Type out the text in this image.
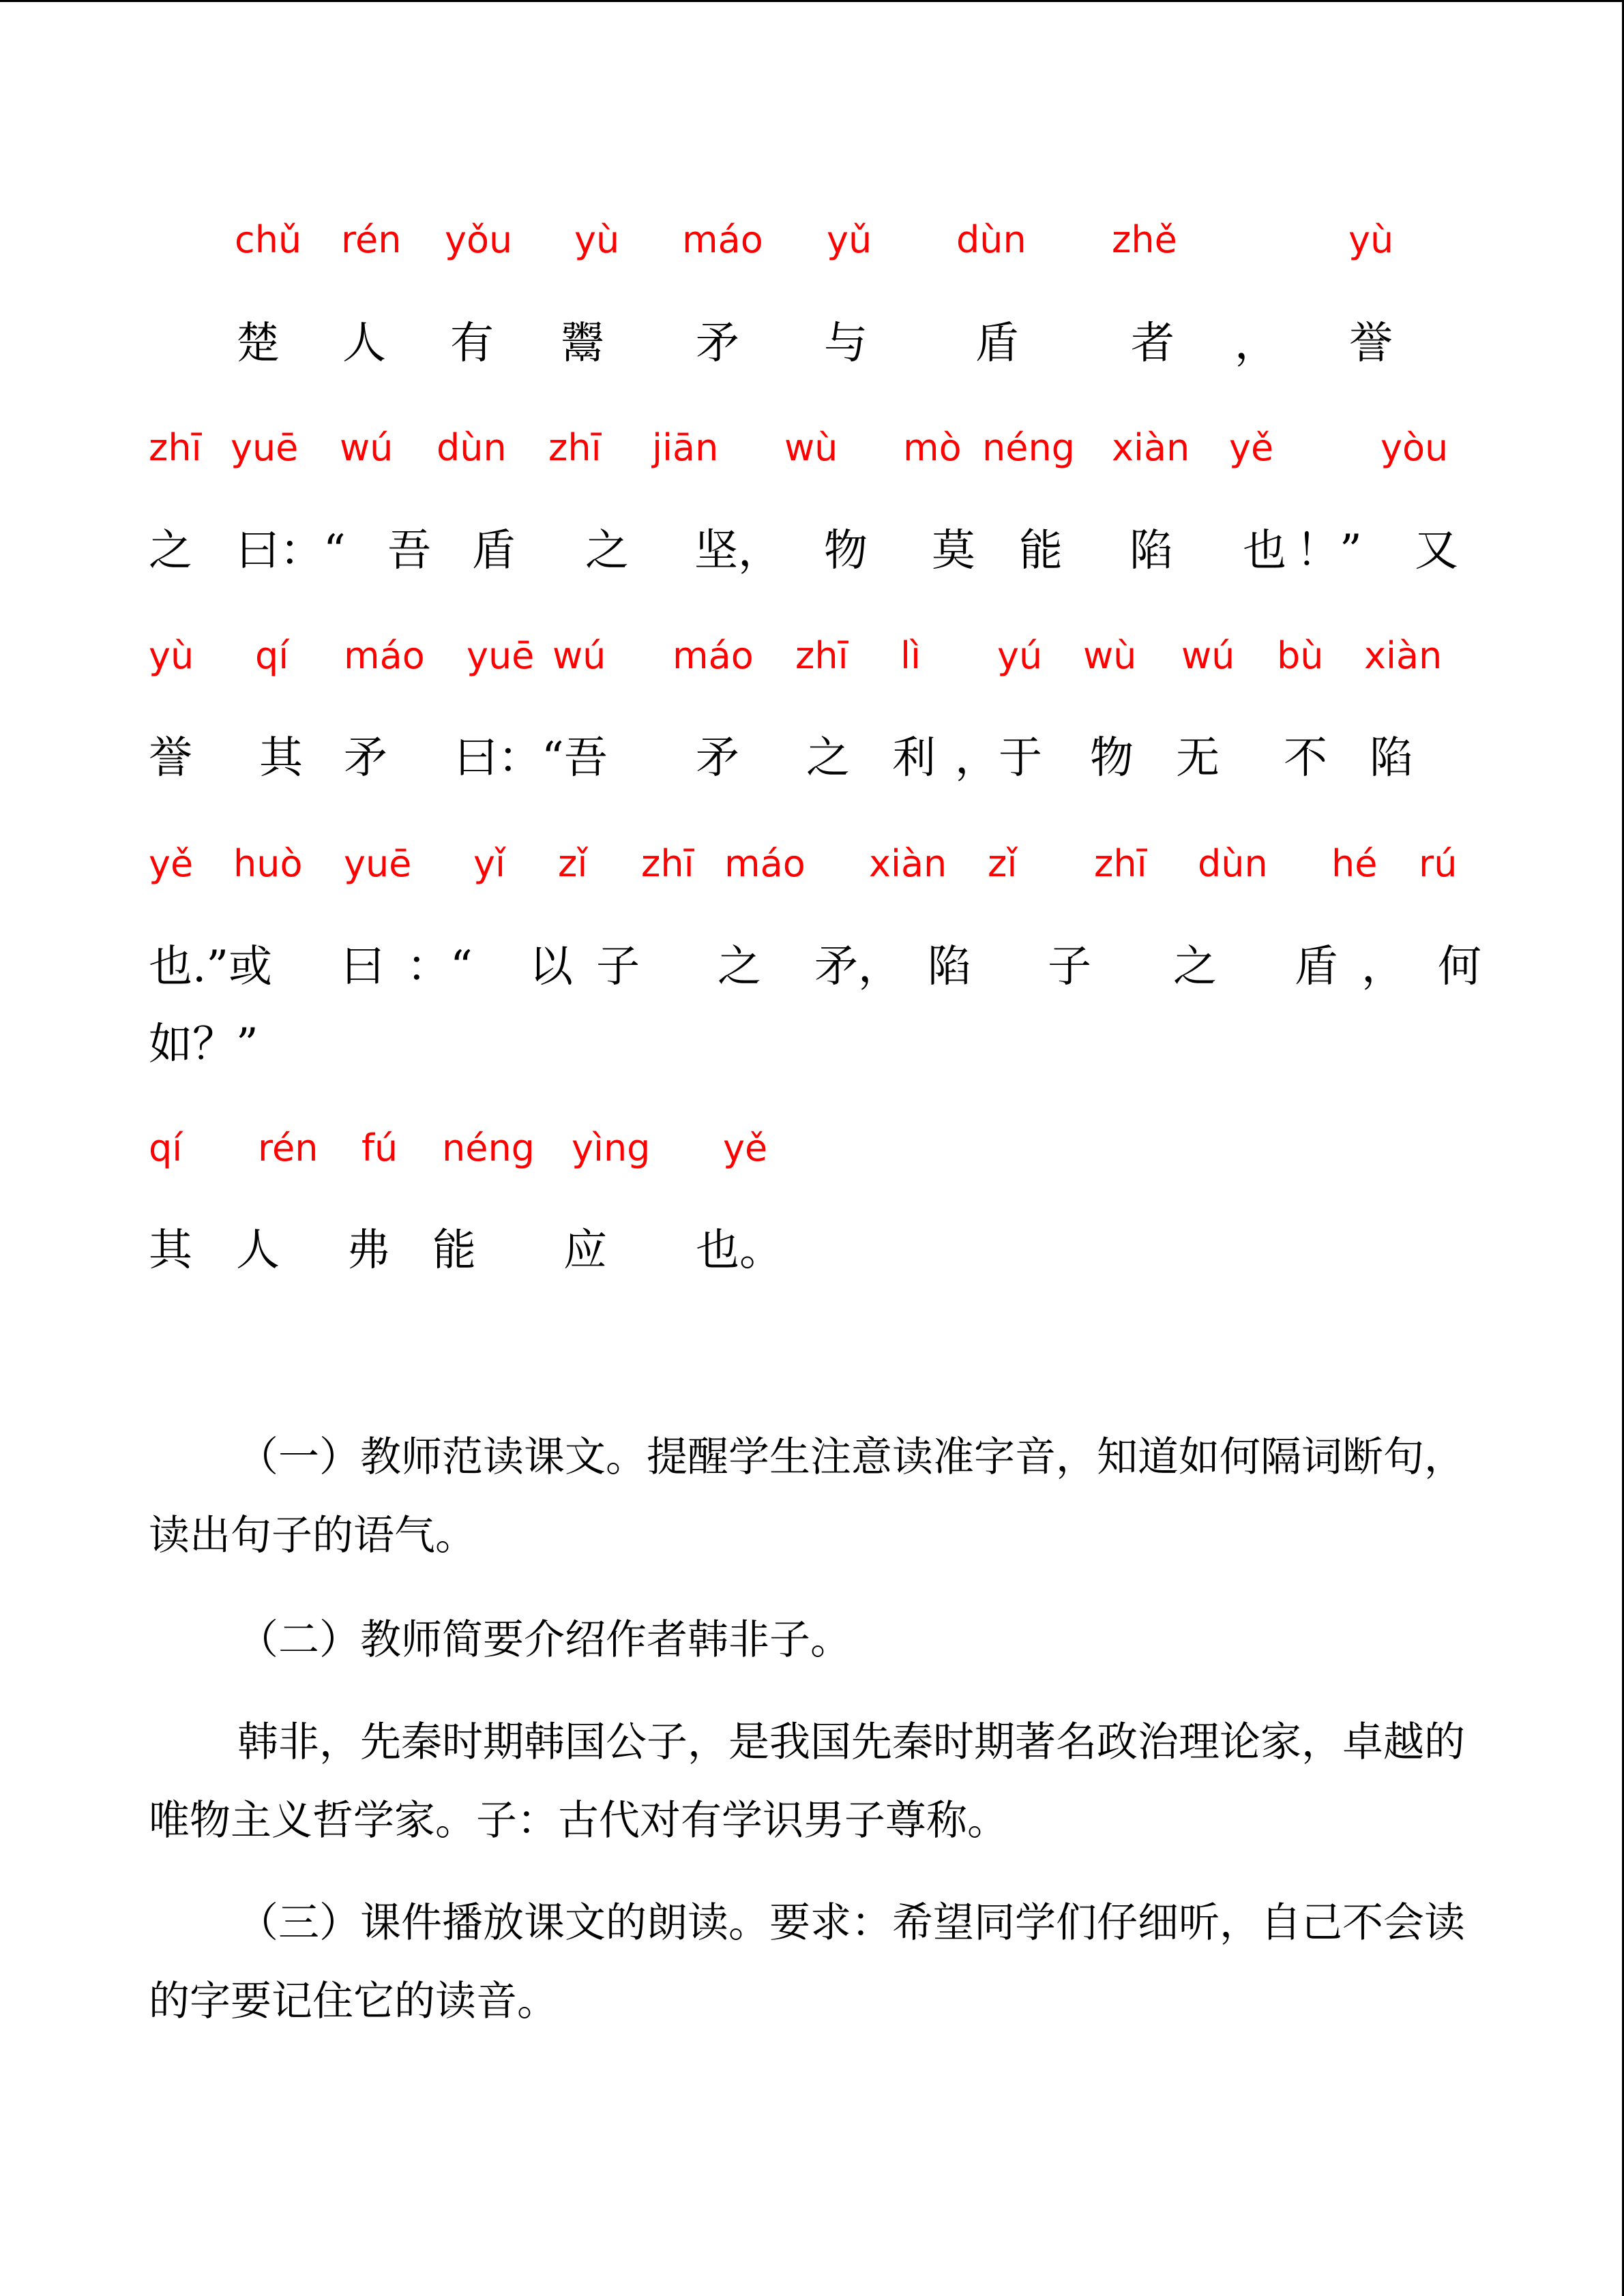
chǔ rén yǒu yù máo yǔ dùn zhě	yù
楚 人 有 鬻 矛 与 盾	者 ， 誉
zhī yuē wú dùn zhī jiān wù mò néng xiàn yě	yòu
之 曰：“ 吾 盾 之 坚， 物 莫 能 陷 也 ！” 又
yù qí máo yuē wú máo zhī lì yú wù wú bù xiàn
誉 其 矛 曰：“吾 矛 之 利 ，于 物 无 不 陷
yě huò yuē yǐ zǐ zhī máo xiàn zǐ zhī dùn hé rú
也.”或 曰 ：“ 以 子 之 矛， 陷 子 之 盾 ， 何
如？”
qí rén fú néng yìng yě
其 人 弗 能 应 也。

（一）教师范读课文。提醒学生注意读准字音，知道如何隔词断句，读出句子的语气。

（二）教师简要介绍作者韩非子。

韩非，先秦时期韩国公子，是我国先秦时期著名政治理论家，卓越的唯物主义哲学家。子：古代对有学识男子尊称。

（三）课件播放课文的朗读。要求：希望同学们仔细听，自己不会读的字要记住它的读音。
